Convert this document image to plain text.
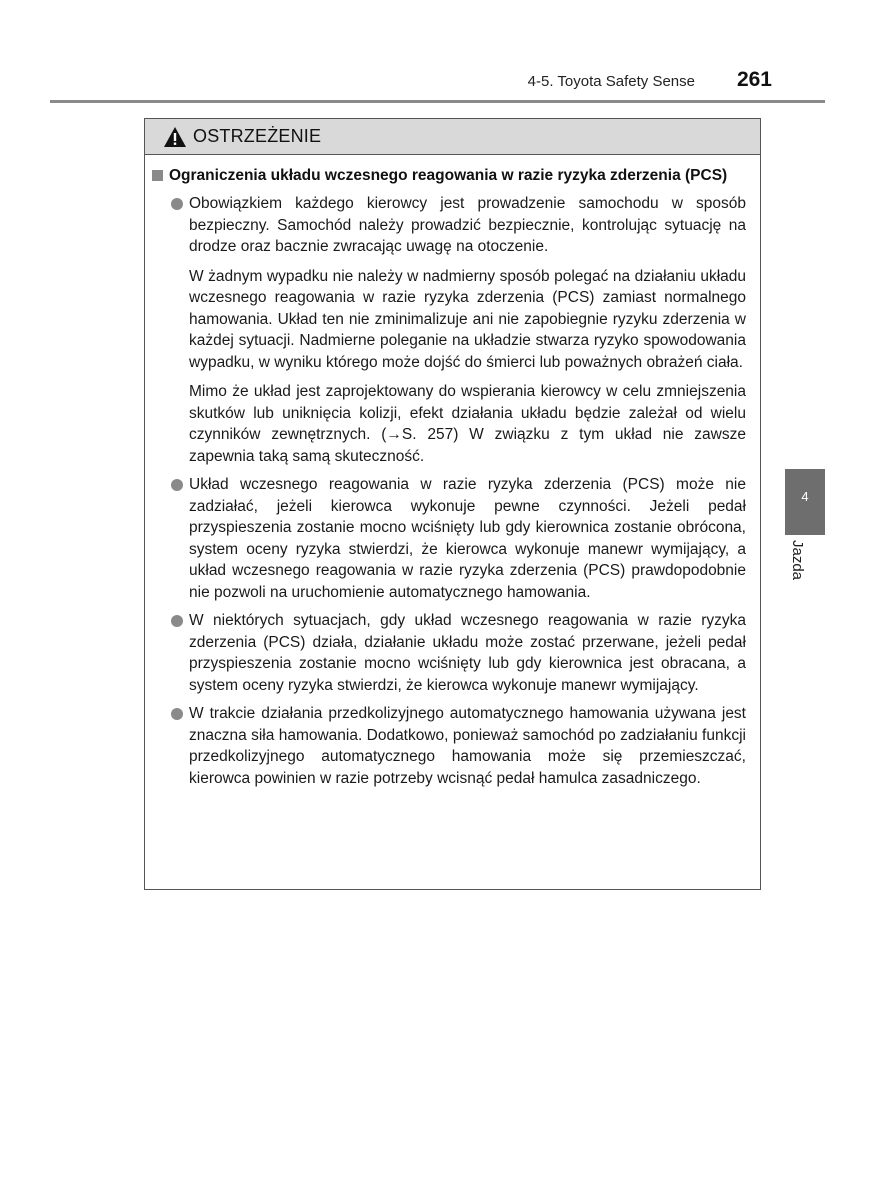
4-5. Toyota Safety Sense 261
OSTRZEŻENIE
Ograniczenia układu wczesnego reagowania w razie ryzyka zderzenia (PCS)

Obowiązkiem każdego kierowcy jest prowadzenie samochodu w sposób bezpieczny. Samochód należy prowadzić bezpiecznie, kontrolując sytuację na drodze oraz bacznie zwracając uwagę na otoczenie.

W żadnym wypadku nie należy w nadmierny sposób polegać na działaniu układu wczesnego reagowania w razie ryzyka zderzenia (PCS) zamiast normalnego hamowania. Układ ten nie zminimalizuje ani nie zapobiegnie ryzyku zderzenia w każdej sytuacji. Nadmierne poleganie na układzie stwarza ryzyko spowodowania wypadku, w wyniku którego może dojść do śmierci lub poważnych obrażeń ciała.

Mimo że układ jest zaprojektowany do wspierania kierowcy w celu zmniejszenia skutków lub uniknięcia kolizji, efekt działania układu będzie zależał od wielu czynników zewnętrznych. (→S. 257) W związku z tym układ nie zawsze zapewnia taką samą skuteczność.

Układ wczesnego reagowania w razie ryzyka zderzenia (PCS) może nie zadziałać, jeżeli kierowca wykonuje pewne czynności. Jeżeli pedał przyspieszenia zostanie mocno wciśnięty lub gdy kierownica zostanie obrócona, system oceny ryzyka stwierdzi, że kierowca wykonuje manewr wymijający, a układ wczesnego reagowania w razie ryzyka zderzenia (PCS) prawdopodobnie nie pozwoli na uruchomienie automatycznego hamowania.

W niektórych sytuacjach, gdy układ wczesnego reagowania w razie ryzyka zderzenia (PCS) działa, działanie układu może zostać przerwane, jeżeli pedał przyspieszenia zostanie mocno wciśnięty lub gdy kierownica jest obracana, a system oceny ryzyka stwierdzi, że kierowca wykonuje manewr wymijający.

W trakcie działania przedkolizyjnego automatycznego hamowania używana jest znaczna siła hamowania. Dodatkowo, ponieważ samochód po zadziałaniu funkcji przedkolizyjnego automatycznego hamowania może się przemieszczać, kierowca powinien w razie potrzeby wcisnąć pedał hamulca zasadniczego.

4
Jazda
